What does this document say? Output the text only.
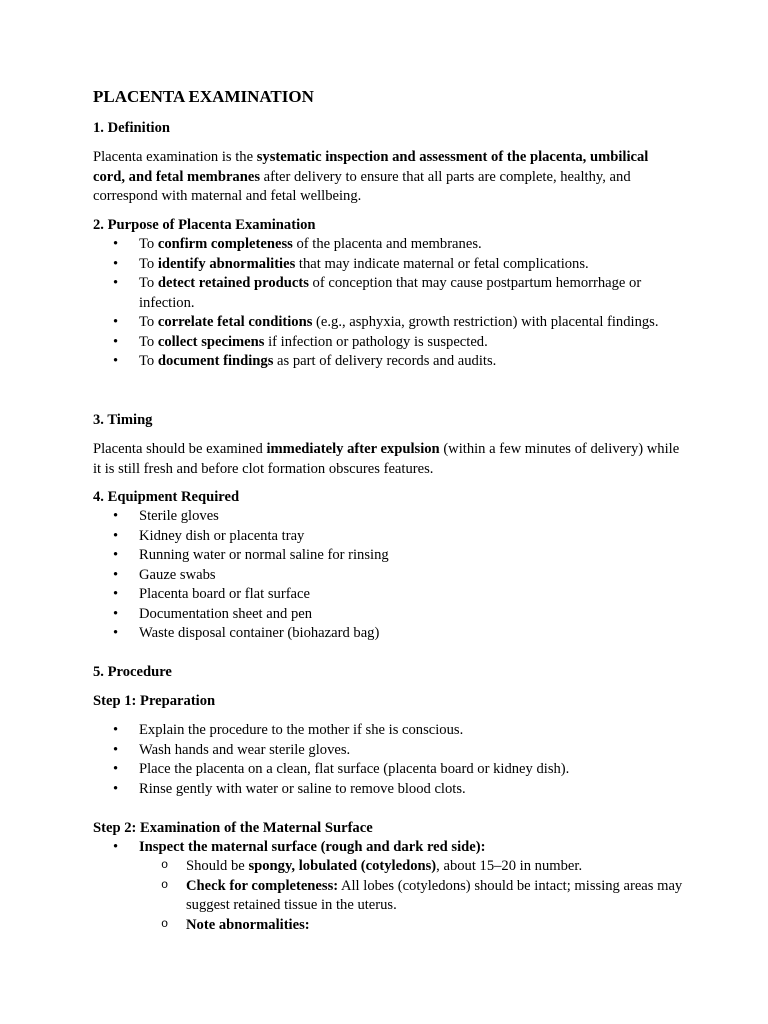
PLACENTA EXAMINATION
1. Definition

Placenta examination is the systematic inspection and assessment of the placenta, umbilical cord, and fetal membranes after delivery to ensure that all parts are complete, healthy, and correspond with maternal and fetal wellbeing.

2. Purpose of Placenta Examination
• To confirm completeness of the placenta and membranes.
• To identify abnormalities that may indicate maternal or fetal complications.
• To detect retained products of conception that may cause postpartum hemorrhage or infection.
• To correlate fetal conditions (e.g., asphyxia, growth restriction) with placental findings.
• To collect specimens if infection or pathology is suspected.
• To document findings as part of delivery records and audits.
3. Timing

Placenta should be examined immediately after expulsion (within a few minutes of delivery) while it is still fresh and before clot formation obscures features.

4. Equipment Required
• Sterile gloves
• Kidney dish or placenta tray
• Running water or normal saline for rinsing
• Gauze swabs
• Placenta board or flat surface
• Documentation sheet and pen
• Waste disposal container (biohazard bag)
5. Procedure
Step 1: Preparation
• Explain the procedure to the mother if she is conscious.
• Wash hands and wear sterile gloves.
• Place the placenta on a clean, flat surface (placenta board or kidney dish).
• Rinse gently with water or saline to remove blood clots.
Step 2: Examination of the Maternal Surface
• Inspect the maternal surface (rough and dark red side):
o Should be spongy, lobulated (cotyledons), about 15–20 in number.
o Check for completeness: All lobes (cotyledons) should be intact; missing areas may suggest retained tissue in the uterus.
o Note abnormalities:
